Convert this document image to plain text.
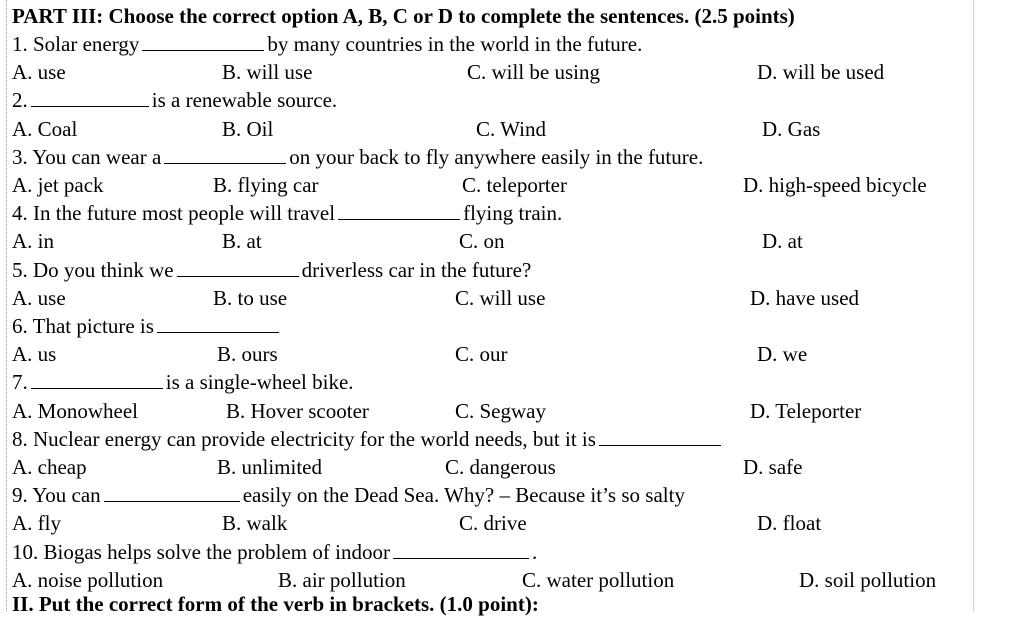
PART III: Choose the correct option A, B, C or D to complete the sentences. (2.5 points)
1. Solar energy	by many countries in the world in the future.
A. use	B. will use	C. will be using	D. will be used
2.	is a renewable source.
A. Coal	B. Oil	C. Wind	D. Gas
3. You can wear a	on your back to fly anywhere easily in the future.
A. jet pack	B. flying car	C. teleporter	D. high-speed bicycle
4. In the future most people will travel	flying train.
A. in	B. at	C. on	D. at
5. Do you think we	driverless car in the future?
A. use	B. to use	C. will use	D. have used
6. That picture is
A. us	B. ours	C. our	D. we
7.	is a single-wheel bike.
A. Monowheel	B. Hover scooter	C. Segway	D. Teleporter
8. Nuclear energy can provide electricity for the world needs, but it is
A. cheap	B. unlimited	C. dangerous	D. safe
9. You can	easily on the Dead Sea. Why? – Because it’s so salty
A. fly	B. walk	C. drive	D. float
10. Biogas helps solve the problem of indoor	.
A. noise pollution	B. air pollution	C. water pollution	D. soil pollution
II. Put the correct form of the verb in brackets. (1.0 point):
